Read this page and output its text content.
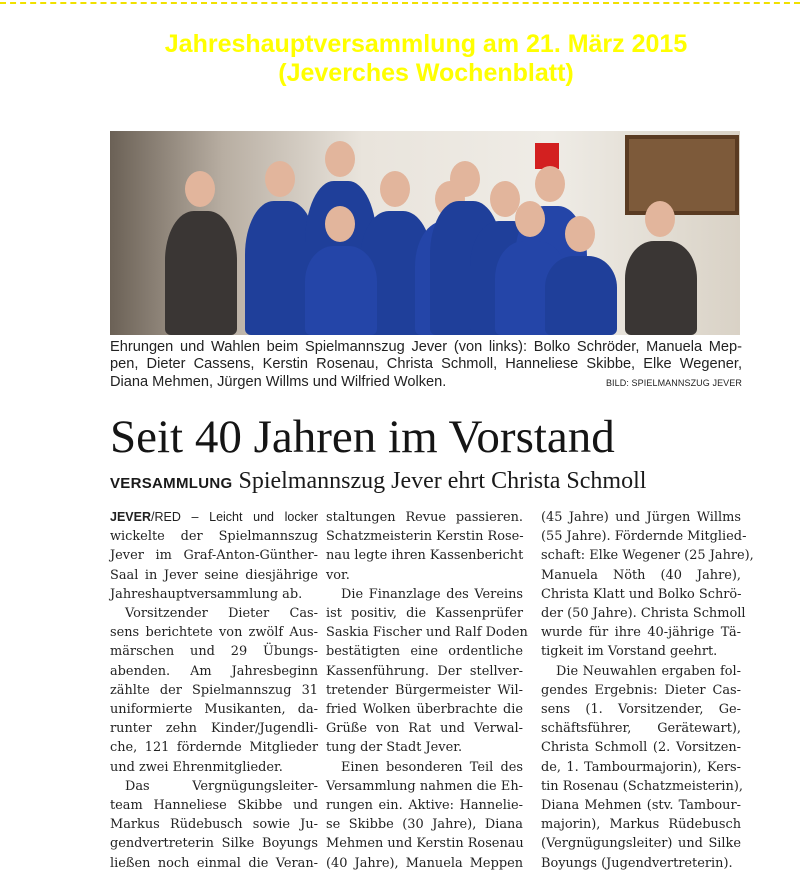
Jahreshauptversammlung am 21. März 2015
(Jeverches Wochenblatt)
Ehrungen und Wahlen beim Spielmannszug Jever (von links): Bolko Schröder, Manuela Mep-
pen, Dieter Cassens, Kerstin Rosenau, Christa Schmoll, Hanneliese Skibbe, Elke Wegener,
Diana Mehmen, Jürgen Willms und Wilfried Wolken.	BILD: SPIELMANNSZUG JEVER
Seit 40 Jahren im Vorstand
VERSAMMLUNG Spielmannszug Jever ehrt Christa Schmoll
JEVER/RED – Leicht und locker
wickelte der Spielmannszug
Jever im Graf-Anton-Günther-
Saal in Jever seine diesjährige
Jahreshauptversammlung ab.
Vorsitzender Dieter Cas-
sens berichtete von zwölf Aus-
märschen und 29 Übungs-
abenden. Am Jahresbeginn
zählte der Spielmannszug 31
uniformierte Musikanten, da-
runter zehn Kinder/Jugendli-
che, 121 fördernde Mitglieder
und zwei Ehrenmitglieder.
Das Vergnügungsleiter-
team Hanneliese Skibbe und
Markus Rüdebusch sowie Ju-
gendvertreterin Silke Boyungs
ließen noch einmal die Veran-
staltungen Revue passieren.
Schatzmeisterin Kerstin Rose-
nau legte ihren Kassenbericht
vor.
Die Finanzlage des Vereins
ist positiv, die Kassenprüfer
Saskia Fischer und Ralf Doden
bestätigten eine ordentliche
Kassenführung. Der stellver-
tretender Bürgermeister Wil-
fried Wolken überbrachte die
Grüße von Rat und Verwal-
tung der Stadt Jever.
Einen besonderen Teil des
Versammlung nahmen die Eh-
rungen ein. Aktive: Hannelie-
se Skibbe (30 Jahre), Diana
Mehmen und Kerstin Rosenau
(40 Jahre), Manuela Meppen
(45 Jahre) und Jürgen Willms
(55 Jahre). Fördernde Mitglied-
schaft: Elke Wegener (25 Jahre),
Manuela Nöth (40 Jahre),
Christa Klatt und Bolko Schrö-
der (50 Jahre). Christa Schmoll
wurde für ihre 40-jährige Tä-
tigkeit im Vorstand geehrt.
Die Neuwahlen ergaben fol-
gendes Ergebnis: Dieter Cas-
sens (1. Vorsitzender, Ge-
schäftsführer, Gerätewart),
Christa Schmoll (2. Vorsitzen-
de, 1. Tambourmajorin), Kers-
tin Rosenau (Schatzmeisterin),
Diana Mehmen (stv. Tambour-
majorin), Markus Rüdebusch
(Vergnügungsleiter) und Silke
Boyungs (Jugendvertreterin).
